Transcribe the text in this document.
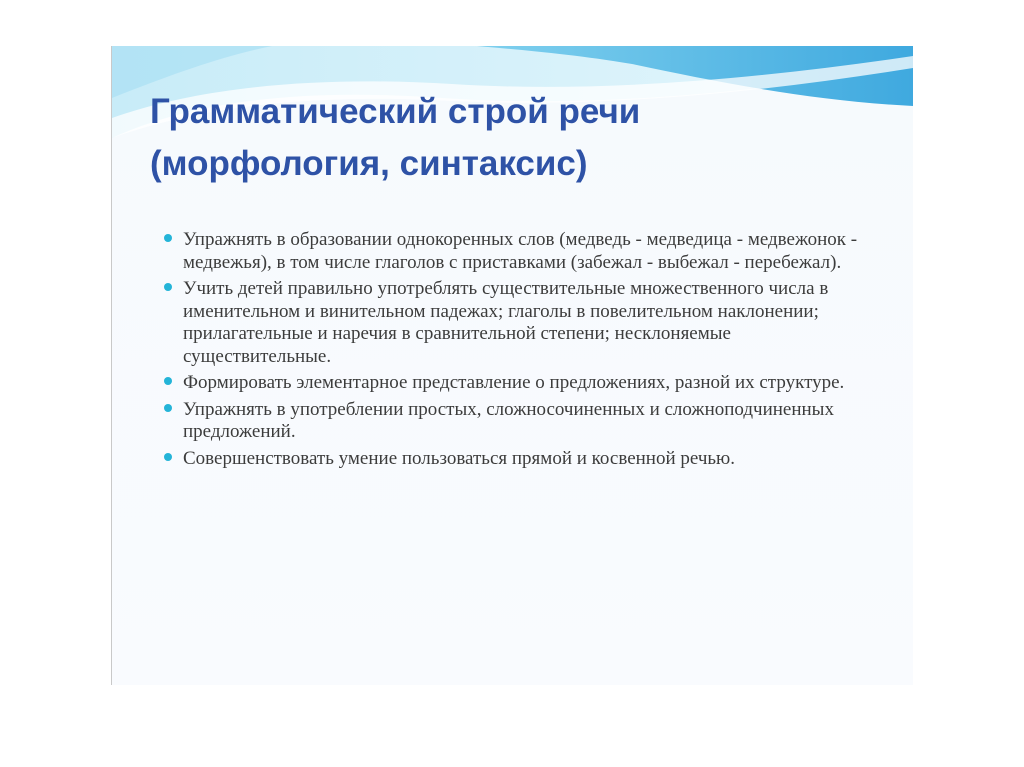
Грамматический строй речи
(морфология, синтаксис)
Упражнять в образовании однокоренных слов (медведь - медведица - медвежонок - медвежья), в том числе глаголов с приставками (забежал - выбежал - перебежал).
Учить детей правильно употреблять существительные множественного числа в именительном и винительном падежах; глаголы в повелительном наклонении; прилагательные и наречия в сравнительной степени; несклоняемые существительные.
Формировать элементарное представление о предложениях, разной их структуре.
Упражнять в употреблении простых, сложносочиненных и сложноподчиненных предложений.
Совершенствовать умение пользоваться прямой и косвенной речью.
